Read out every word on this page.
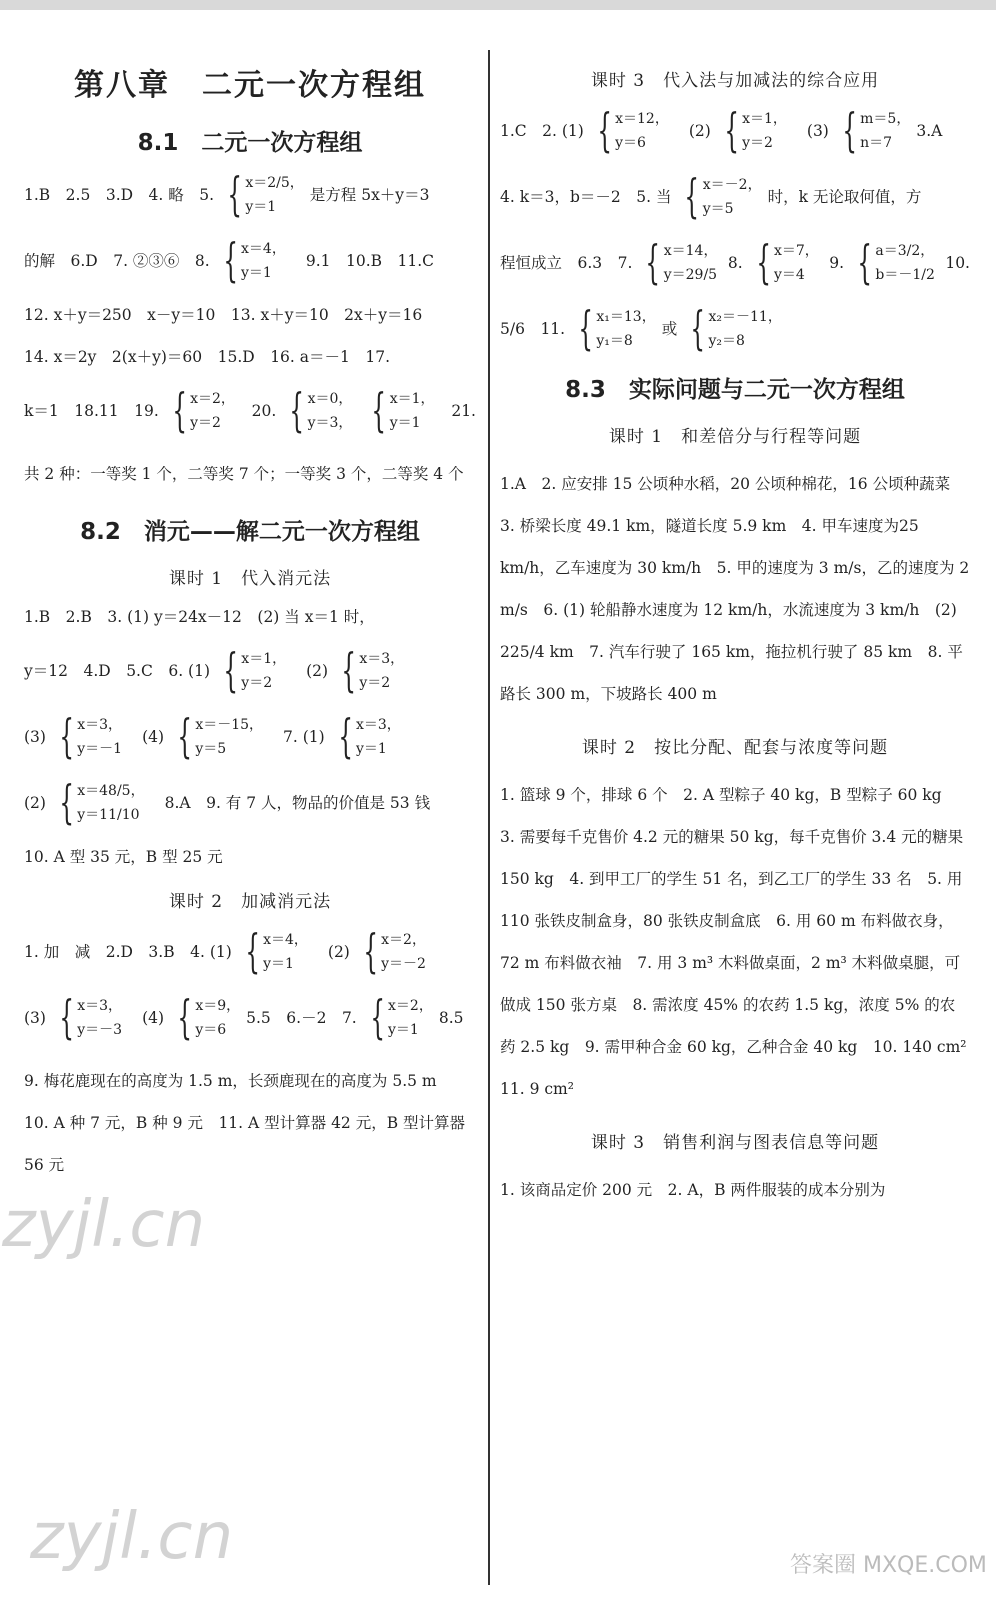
第八章　二元一次方程组
8.1　二元一次方程组
1.B　2.5　3.D　4. 略　5. { x＝2/5，
y＝1
是方程 5x＋y＝3
的解　6.D　7. ②③⑥　8. { x＝4，
y＝1
9.1　10.B　11.C
12. x＋y＝250　x－y＝10　13. x＋y＝10　2x＋y＝16
14. x＝2y　2(x＋y)＝60　15.D　16. a＝－1　17.
k＝1　18.11　19. { x＝2，
y＝2
20. { x＝0，
y＝3， { x＝1，
y＝1
21.
共 2 种：一等奖 1 个，二等奖 7 个；一等奖 3 个，二等奖 4 个
8.2　消元——解二元一次方程组
课时 1　代入消元法
1.B　2.B　3. (1) y＝24x－12　(2) 当 x＝1 时，
y＝12　4.D　5.C　6. (1) { x＝1，
y＝2
(2) { x＝3，
y＝2
(3) { x＝3，
y＝－1
(4) { x＝－15，
y＝5
7. (1) { x＝3，
y＝1
(2) { x＝48/5，
y＝11/10
8.A　9. 有 7 人，物品的价值是 53 钱
10. A 型 35 元，B 型 25 元
课时 2　加减消元法
1. 加　减　2.D　3.B　4. (1) { x＝4，
y＝1
(2) { x＝2，
y＝－2
(3) { x＝3，
y＝－3
(4) { x＝9，
y＝6
5.5　6.－2　7. { x＝2，
y＝1
8.5
9. 梅花鹿现在的高度为 1.5 m，长颈鹿现在的高度为 5.5 m　10. A 种 7 元，B 种 9 元　11. A 型计算器 42 元，B 型计算器 56 元
课时 3　代入法与加减法的综合应用
1.C　2. (1) { x＝12，
y＝6
(2) { x＝1，
y＝2
(3) { m＝5，
n＝7
3.A
4. k＝3，b＝－2　5. 当 { x＝－2，
y＝5
时，k 无论取何值，方
程恒成立　6.3　7. { x＝14，
y＝29/5
8. { x＝7，
y＝4
9. { a＝3/2，
b＝－1/2
10.
5/6　11. { x₁＝13，
y₁＝8
或 { x₂＝－11，
y₂＝8
8.3　实际问题与二元一次方程组
课时 1　和差倍分与行程等问题
1.A　2. 应安排 15 公顷种水稻，20 公顷种棉花，16 公顷种蔬菜　3. 桥梁长度 49.1 km，隧道长度 5.9 km　4. 甲车速度为25 km/h，乙车速度为 30 km/h　5. 甲的速度为 3 m/s，乙的速度为 2 m/s　6. (1) 轮船静水速度为 12 km/h，水流速度为 3 km/h　(2) 225/4 km　7. 汽车行驶了 165 km，拖拉机行驶了 85 km　8. 平路长 300 m，下坡路长 400 m
课时 2　按比分配、配套与浓度等问题
1. 篮球 9 个，排球 6 个　2. A 型粽子 40 kg，B 型粽子 60 kg　3. 需要每千克售价 4.2 元的糖果 50 kg，每千克售价 3.4 元的糖果 150 kg　4. 到甲工厂的学生 51 名，到乙工厂的学生 33 名　5. 用 110 张铁皮制盒身，80 张铁皮制盒底　6. 用 60 m 布料做衣身，72 m 布料做衣袖　7. 用 3 m³ 木料做桌面，2 m³ 木料做桌腿，可做成 150 张方桌　8. 需浓度 45% 的农药 1.5 kg，浓度 5% 的农药 2.5 kg　9. 需甲种合金 60 kg，乙种合金 40 kg　10. 140 cm²　11. 9 cm²
课时 3　销售利润与图表信息等问题
1. 该商品定价 200 元　2. A，B 两件服装的成本分别为
zyjl.cn
zyjl.cn	答案圈 MXQE.COM
